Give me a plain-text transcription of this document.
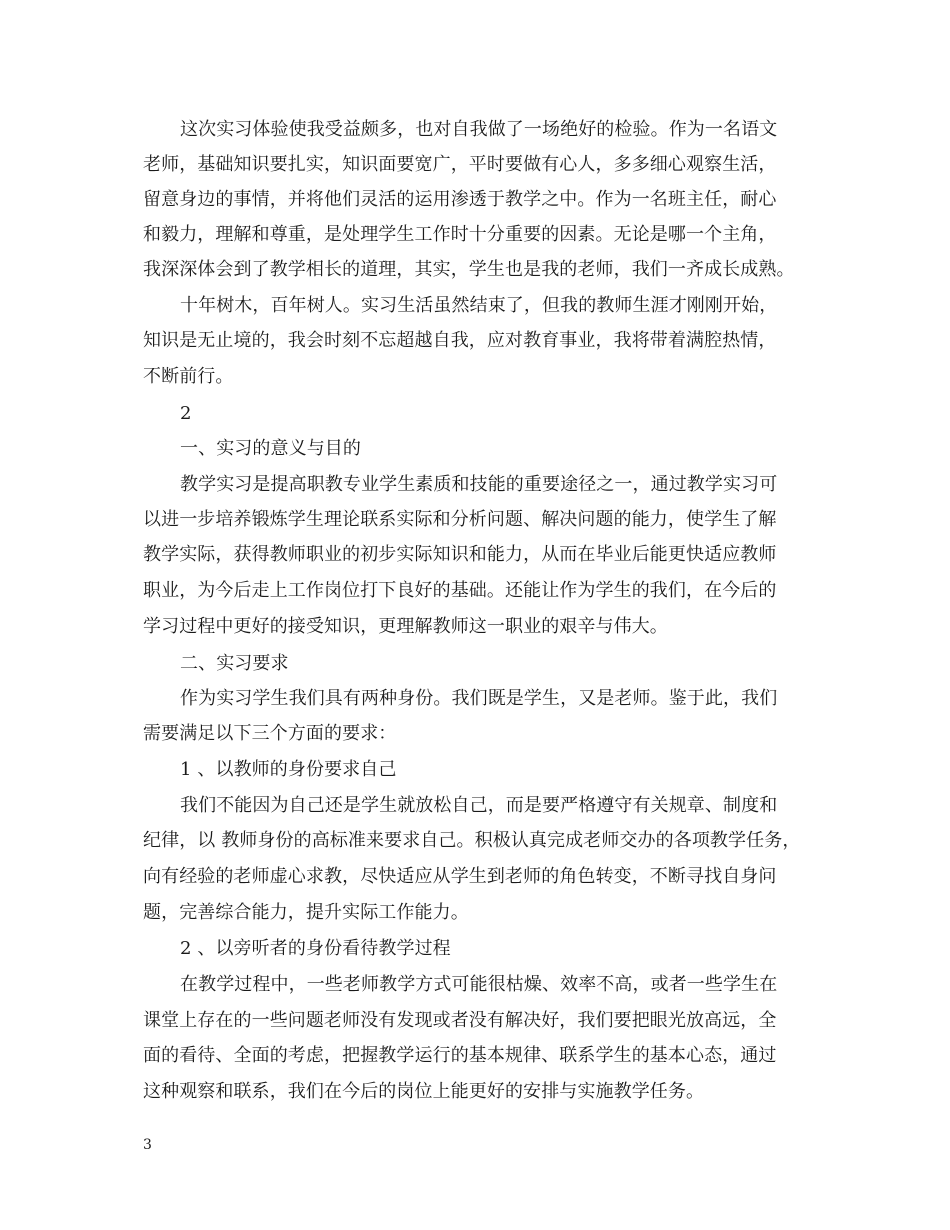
这次实习体验使我受益颇多，也对自我做了一场绝好的检验。作为一名语文
老师，基础知识要扎实，知识面要宽广，平时要做有心人，多多细心观察生活，
留意身边的事情，并将他们灵活的运用渗透于教学之中。作为一名班主任，耐心
和毅力，理解和尊重，是处理学生工作时十分重要的因素。无论是哪一个主角，
我深深体会到了教学相长的道理，其实，学生也是我的老师，我们一齐成长成熟。
十年树木，百年树人。实习生活虽然结束了，但我的教师生涯才刚刚开始，
知识是无止境的，我会时刻不忘超越自我，应对教育事业，我将带着满腔热情，
不断前行。
2
一、实习的意义与目的
教学实习是提高职教专业学生素质和技能的重要途径之一，通过教学实习可
以进一步培养锻炼学生理论联系实际和分析问题、解决问题的能力，使学生了解
教学实际，获得教师职业的初步实际知识和能力，从而在毕业后能更快适应教师
职业，为今后走上工作岗位打下良好的基础。还能让作为学生的我们，在今后的
学习过程中更好的接受知识，更理解教师这一职业的艰辛与伟大。
二、实习要求
作为实习学生我们具有两种身份。我们既是学生，又是老师。鉴于此，我们
需要满足以下三个方面的要求：
1 、以教师的身份要求自己
我们不能因为自己还是学生就放松自己，而是要严格遵守有关规章、制度和
纪律，以 教师身份的高标准来要求自己。积极认真完成老师交办的各项教学任务，
向有经验的老师虚心求教，尽快适应从学生到老师的角色转变，不断寻找自身问
题，完善综合能力，提升实际工作能力。
2 、以旁听者的身份看待教学过程
在教学过程中，一些老师教学方式可能很枯燥、效率不高，或者一些学生在
课堂上存在的一些问题老师没有发现或者没有解决好，我们要把眼光放高远，全
面的看待、全面的考虑，把握教学运行的基本规律、联系学生的基本心态，通过
这种观察和联系，我们在今后的岗位上能更好的安排与实施教学任务。
3
